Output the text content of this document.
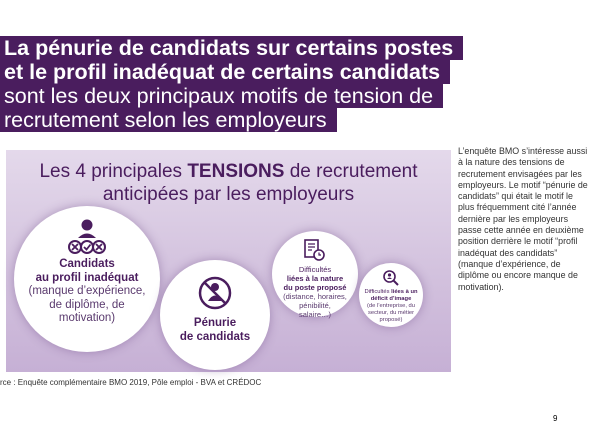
La pénurie de candidats sur certains postes
et le profil inadéquat de certains candidats
sont les deux principaux motifs de tension de
recrutement selon les employeurs
Les 4 principales TENSIONS de recrutement
anticipées par les employeurs
Candidats
au profil inadéquat
(manque d’expérience,
de diplôme, de
motivation)	Pénurie
de candidats
Difficultés
liées à la nature
du poste proposé
(distance, horaires,
pénibilité,
salaire…)
Difficultés liées à un
déficit d’image
(de l’entreprise, du
secteur, du métier
proposé)
rce : Enquête complémentaire BMO 2019, Pôle emploi - BVA et CRÉDOC
L’enquête BMO s’intéresse aussi à la nature des tensions de recrutement envisagées par les employeurs. Le motif “pénurie de candidats” qui était le motif le plus fréquemment cité l’année dernière par les employeurs passe cette année en deuxième position derrière le motif “profil inadéquat des candidats” (manque d’expérience, de diplôme ou encore manque de motivation).
9
